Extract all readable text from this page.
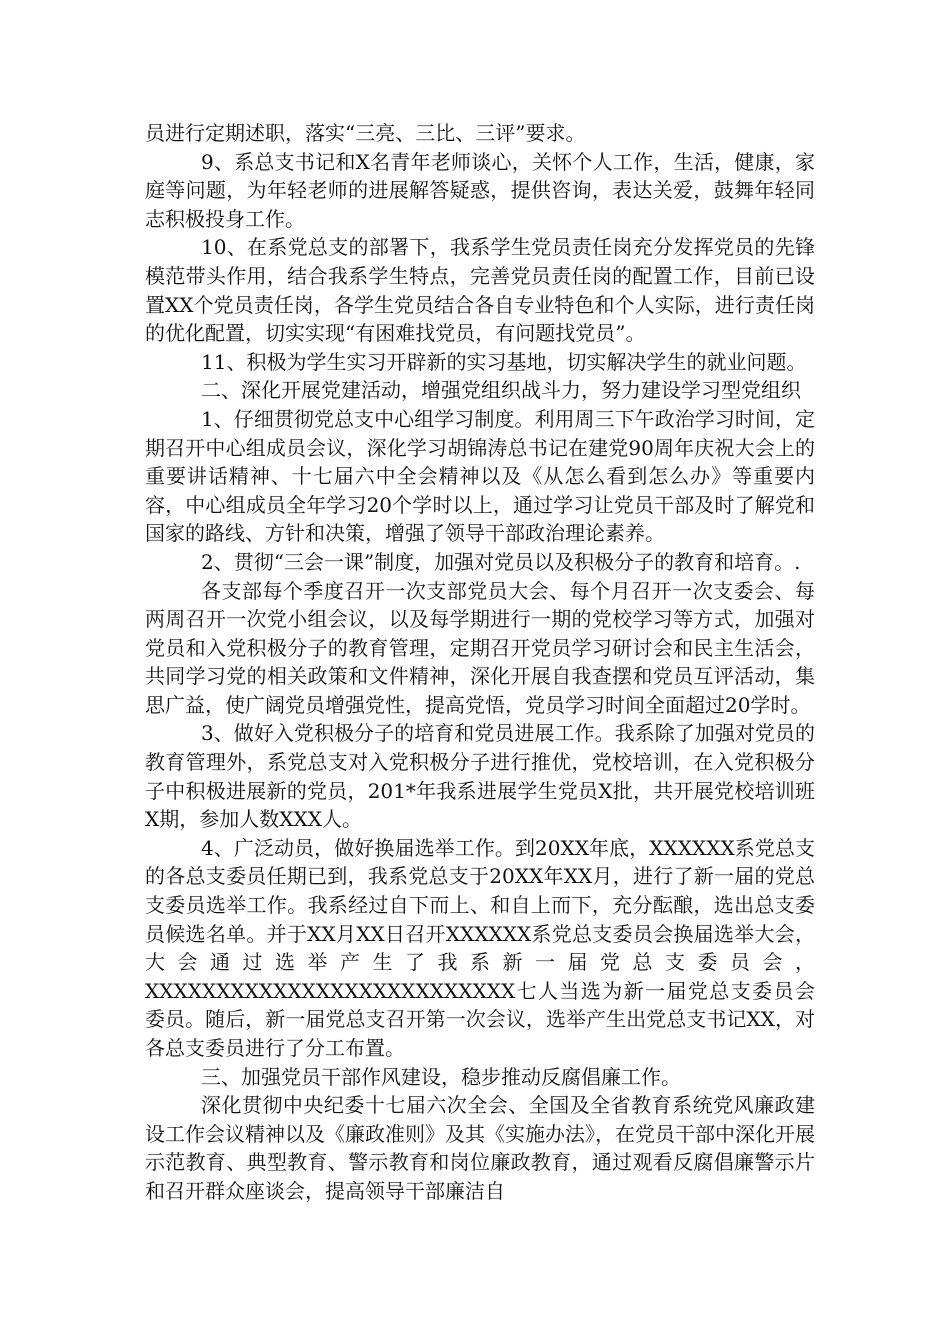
员进行定期述职，落实“三亮、三比、三评”要求。

9、系总支书记和X名青年老师谈心，关怀个人工作，生活，健康，家庭等问题，为年轻老师的进展解答疑惑，提供咨询，表达关爱，鼓舞年轻同志积极投身工作。

10、在系党总支的部署下，我系学生党员责任岗充分发挥党员的先锋模范带头作用，结合我系学生特点，完善党员责任岗的配置工作，目前已设置XX个党员责任岗，各学生党员结合各自专业特色和个人实际，进行责任岗的优化配置，切实实现“有困难找党员，有问题找党员”。

11、积极为学生实习开辟新的实习基地，切实解决学生的就业问题。

二、深化开展党建活动，增强党组织战斗力，努力建设学习型党组织

1、仔细贯彻党总支中心组学习制度。利用周三下午政治学习时间，定期召开中心组成员会议，深化学习胡锦涛总书记在建党90周年庆祝大会上的重要讲话精神、十七届六中全会精神以及《从怎么看到怎么办》等重要内容，中心组成员全年学习20个学时以上，通过学习让党员干部及时了解党和国家的路线、方针和决策，增强了领导干部政治理论素养。

2、贯彻“三会一课”制度，加强对党员以及积极分子的教育和培育。.

各支部每个季度召开一次支部党员大会、每个月召开一次支委会、每两周召开一次党小组会议，以及每学期进行一期的党校学习等方式，加强对党员和入党积极分子的教育管理，定期召开党员学习研讨会和民主生活会，共同学习党的相关政策和文件精神，深化开展自我查摆和党员互评活动，集思广益，使广阔党员增强党性，提高党悟，党员学习时间全面超过20学时。

3、做好入党积极分子的培育和党员进展工作。我系除了加强对党员的教育管理外，系党总支对入党积极分子进行推优，党校培训，在入党积极分子中积极进展新的党员，201*年我系进展学生党员X批，共开展党校培训班X期，参加人数XXX人。

4、广泛动员，做好换届选举工作。到20XX年底，XXXXXX系党总支的各总支委员任期已到，我系党总支于20XX年XX月，进行了新一届的党总支委员选举工作。我系经过自下而上、和自上而下，充分酝酿，选出总支委员候选名单。并于XX月XX日召开XXXXXX系党总支委员会换届选举大会，大会通过选举产生了我系新一届党总支委员会，XXXXXXXXXXXXXXXXXXXXXXXXXX七人当选为新一届党总支委员会委员。随后，新一届党总支召开第一次会议，选举产生出党总支书记XX，对各总支委员进行了分工布置。

三、加强党员干部作风建设，稳步推动反腐倡廉工作。

深化贯彻中央纪委十七届六次全会、全国及全省教育系统党风廉政建设工作会议精神以及《廉政准则》及其《实施办法》，在党员干部中深化开展示范教育、典型教育、警示教育和岗位廉政教育，通过观看反腐倡廉警示片和召开群众座谈会，提高领导干部廉洁自
